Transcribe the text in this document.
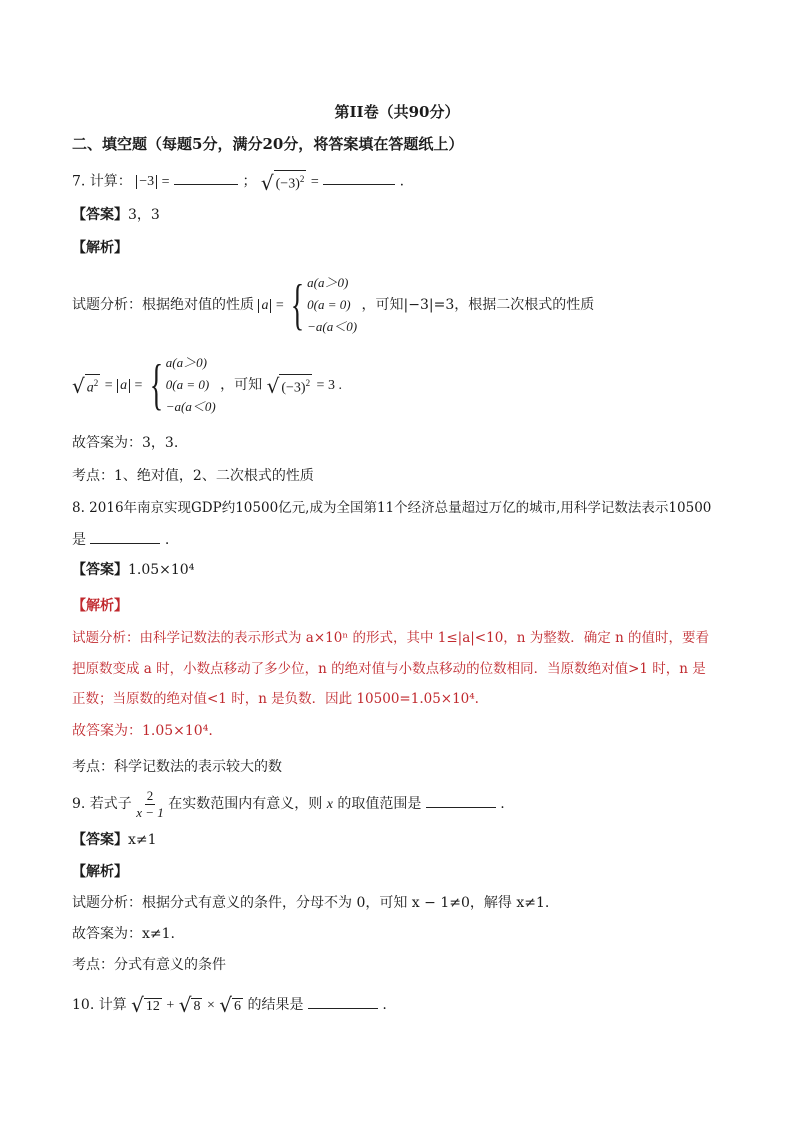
第II卷（共90分）
二、填空题（每题5分，满分20分，将答案填在答题纸上）
7. 计算： −3 =	； √ $(-3)^2$ =	.
【答案】3，3
【解析】
试题分析：根据绝对值的性质 a = { a(a＞0)
0(a = 0)
−a(a＜0)
，可知|−3|=3，根据二次根式的性质
√ $a^2 = a$ = { a(a＞0)
0(a = 0)
−a(a＜0)
，可知 √ $(-3)^2 = 3$ .
故答案为：3，3.
考点：1、绝对值，2、二次根式的性质
8. 2016年南京实现GDP约10500亿元,成为全国第11个经济总量超过万亿的城市,用科学记数法表示10500
是	.
【答案】1.05×10⁴
【解析】
试题分析：由科学记数法的表示形式为 a×10ⁿ 的形式，其中 1≤|a|<10，n 为整数．确定 n 的值时，要看
把原数变成 a 时，小数点移动了多少位，n 的绝对值与小数点移动的位数相同．当原数绝对值>1 时，n 是
正数；当原数的绝对值<1 时，n 是负数．因此 10500=1.05×10⁴.
故答案为：1.05×10⁴.
考点：科学记数法的表示较大的数
9. 若式子 $\frac{2}{x - 1}$ 在实数范围内有意义，则 x 的取值范围是	.
【答案】x≠1
【解析】
试题分析：根据分式有意义的条件，分母不为 0，可知 x − 1≠0，解得 x≠1.
故答案为：x≠1.
考点：分式有意义的条件
10. 计算 √ 12 + √ 8 × √ 6 的结果是	.
